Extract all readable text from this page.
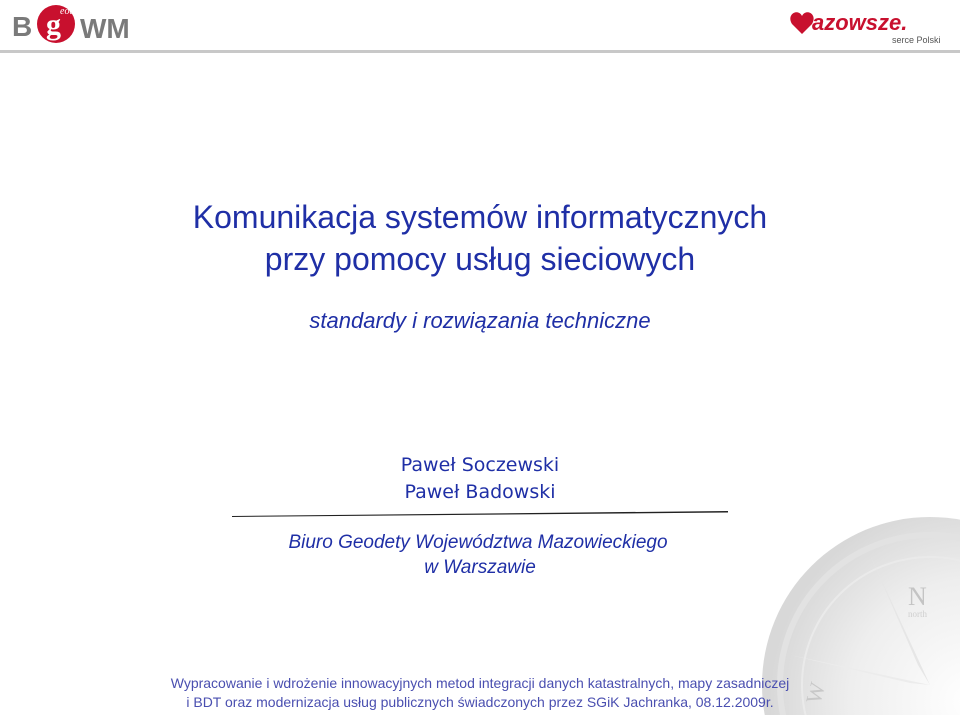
B g eodeta
WM	azowsze.
serce Polski
Komunikacja systemów informatycznych
przy pomocy usług sieciowych
standardy i rozwiązania techniczne
Paweł Soczewski
Paweł Badowski
Biuro Geodety Województwa Mazowieckiego
w Warszawie
N
north
W
Wypracowanie i wdrożenie innowacyjnych metod integracji danych katastralnych, mapy zasadniczej
i BDT oraz modernizacja usług publicznych świadczonych przez SGiK Jachranka, 08.12.2009r.
